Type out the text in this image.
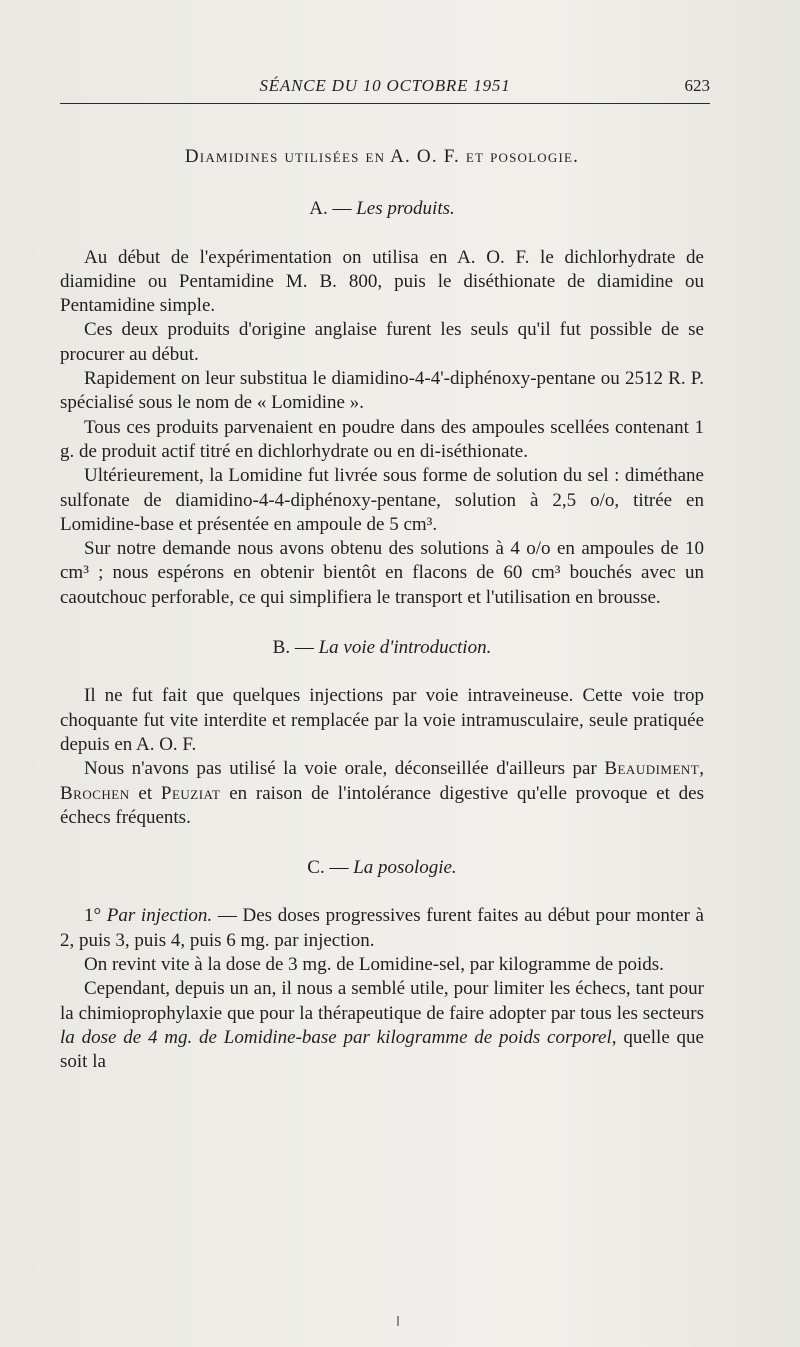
SÉANCE DU 10 OCTOBRE 1951	623
Diamidines utilisées en A. O. F. et posologie.
A. — Les produits.

Au début de l'expérimentation on utilisa en A. O. F. le dichlorhydrate de diamidine ou Pentamidine M. B. 800, puis le diséthionate de diamidine ou Pentamidine simple.

Ces deux produits d'origine anglaise furent les seuls qu'il fut possible de se procurer au début.

Rapidement on leur substitua le diamidino-4-4'-diphénoxy-pentane ou 2512 R. P. spécialisé sous le nom de « Lomidine ».

Tous ces produits parvenaient en poudre dans des ampoules scellées contenant 1 g. de produit actif titré en dichlorhydrate ou en di-iséthionate.

Ultérieurement, la Lomidine fut livrée sous forme de solution du sel : diméthane sulfonate de diamidino-4-4-diphénoxy-pentane, solution à 2,5 o/o, titrée en Lomidine-base et présentée en ampoule de 5 cm³.

Sur notre demande nous avons obtenu des solutions à 4 o/o en ampoules de 10 cm³ ; nous espérons en obtenir bientôt en flacons de 60 cm³ bouchés avec un caoutchouc perforable, ce qui simplifiera le transport et l'utilisation en brousse.

B. — La voie d'introduction.

Il ne fut fait que quelques injections par voie intraveineuse. Cette voie trop choquante fut vite interdite et remplacée par la voie intramusculaire, seule pratiquée depuis en A. O. F.

Nous n'avons pas utilisé la voie orale, déconseillée d'ailleurs par Beaudiment, Brochen et Peuziat en raison de l'intolérance digestive qu'elle provoque et des échecs fréquents.

C. — La posologie.

1° Par injection. — Des doses progressives furent faites au début pour monter à 2, puis 3, puis 4, puis 6 mg. par injection.

On revint vite à la dose de 3 mg. de Lomidine-sel, par kilogramme de poids.

Cependant, depuis un an, il nous a semblé utile, pour limiter les échecs, tant pour la chimioprophylaxie que pour la thérapeutique de faire adopter par tous les secteurs la dose de 4 mg. de Lomidine-base par kilogramme de poids corporel, quelle que soit la
